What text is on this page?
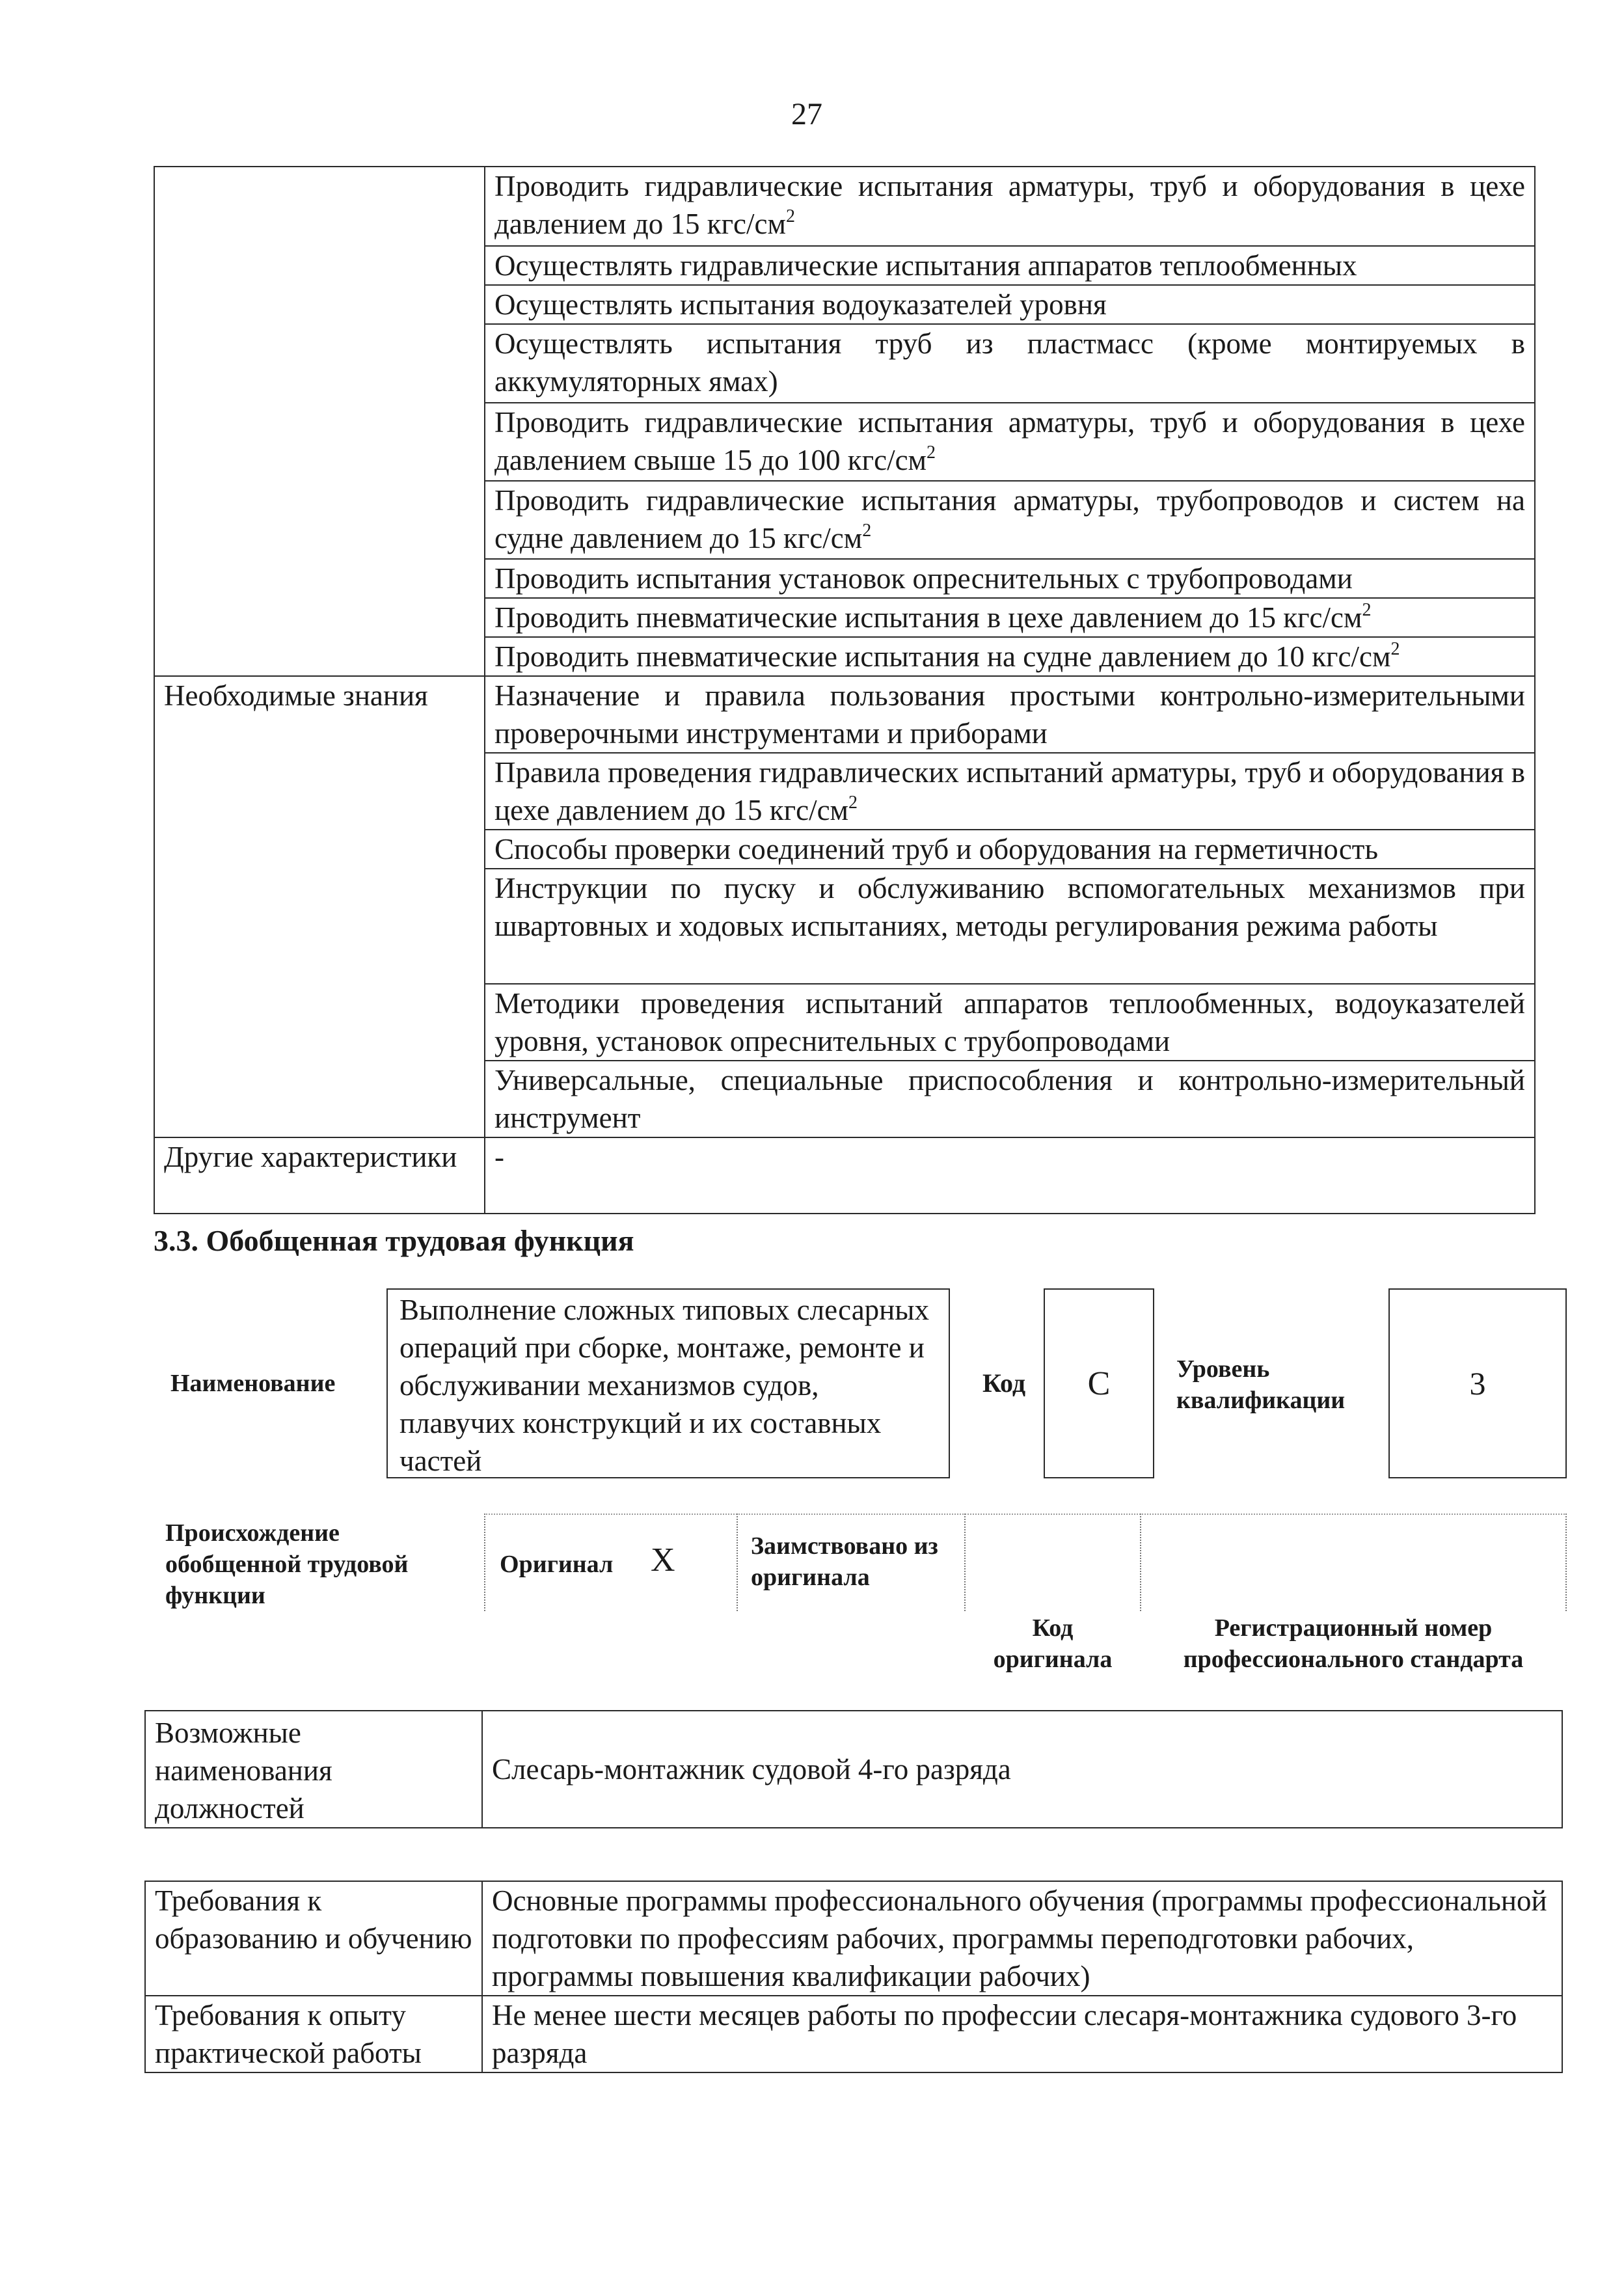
27
	Проводить гидравлические испытания арматуры, труб и оборудования в цехе давлением до 15 кгс/$см^2$
	Осуществлять гидравлические испытания аппаратов теплообменных
	Осуществлять испытания водоуказателей уровня
	Осуществлять испытания труб из пластмасс (кроме монтируемых в аккумуляторных ямах)
	Проводить гидравлические испытания арматуры, труб и оборудования в цехе давлением свыше 15 до 100 кгс/$см^2$
	Проводить гидравлические испытания арматуры, трубопроводов и систем на судне давлением до 15 кгс/$см^2$
	Проводить испытания установок опреснительных с трубопроводами
	Проводить пневматические испытания в цехе давлением до 15 кгс/$см^2$
	Проводить пневматические испытания на судне давлением до 10 кгс/$см^2$
Необходимые знания	Назначение и правила пользования простыми контрольно-измерительными проверочными инструментами и приборами
	Правила проведения гидравлических испытаний арматуры, труб и оборудования в цехе давлением до 15 кгс/$см^2$
	Способы проверки соединений труб и оборудования на герметичность
	Инструкции по пуску и обслуживанию вспомогательных механизмов при швартовных и ходовых испытаниях, методы регулирования режима работы
	Методики проведения испытаний аппаратов теплообменных, водоуказателей уровня, установок опреснительных с трубопроводами
	Универсальные, специальные приспособления и контрольно-измерительный инструмент
Другие характеристики	-
3.3. Обобщенная трудовая функция
Наименование
Выполнение сложных типовых слесарных операций при сборке, монтаже, ремонте и обслуживании механизмов судов, плавучих конструкций и их составных частей
Код C	Уровень квалификации	3
Происхождение обобщенной трудовой функции
Оригинал X	Заимствовано из оригинала
Код оригинала
Регистрационный номер профессионального стандарта
Возможные наименования должностей	Слесарь-монтажник судовой 4-го разряда
Требования к образованию и обучению	Основные программы профессионального обучения (программы профессиональной подготовки по профессиям рабочих, программы переподготовки рабочих, программы повышения квалификации рабочих)
Требования к опыту практической работы	Не менее шести месяцев работы по профессии слесаря-монтажника судового 3-го разряда
